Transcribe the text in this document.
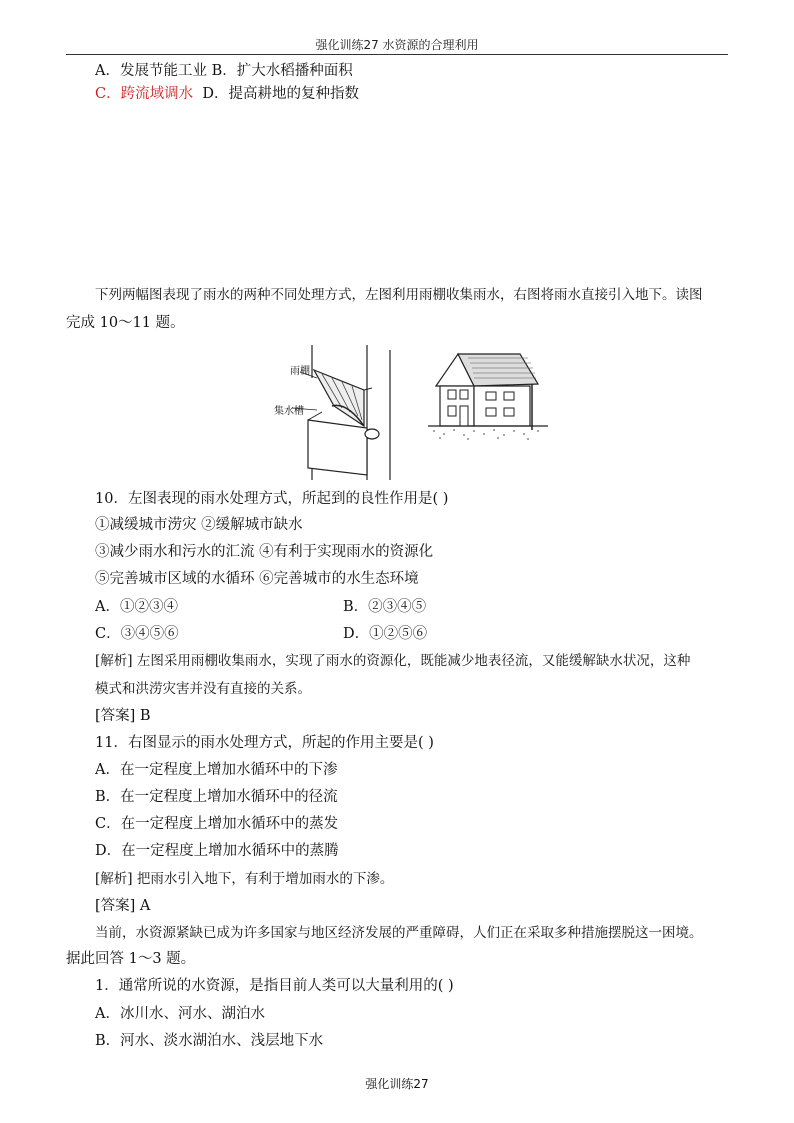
强化训练27 水资源的合理利用
A．发展节能工业 B．扩大水稻播种面积
C．跨流域调水  D．提高耕地的复种指数
下列两幅图表现了雨水的两种不同处理方式，左图利用雨棚收集雨水，右图将雨水直接引入地下。读图
完成 10～11 题。
雨棚
集水槽
10．左图表现的雨水处理方式，所起到的良性作用是( )
①减缓城市涝灾 ②缓解城市缺水
③减少雨水和污水的汇流 ④有利于实现雨水的资源化
⑤完善城市区域的水循环 ⑥完善城市的水生态环境
A．①②③④	B．②③④⑤
C．③④⑤⑥	D．①②⑤⑥
[解析] 左图采用雨棚收集雨水，实现了雨水的资源化，既能减少地表径流，又能缓解缺水状况，这种
模式和洪涝灾害并没有直接的关系。
[答案] B
11．右图显示的雨水处理方式，所起的作用主要是( )
A．在一定程度上增加水循环中的下渗
B．在一定程度上增加水循环中的径流
C．在一定程度上增加水循环中的蒸发
D．在一定程度上增加水循环中的蒸腾
[解析] 把雨水引入地下，有利于增加雨水的下渗。
[答案] A
当前，水资源紧缺已成为许多国家与地区经济发展的严重障碍，人们正在采取多种措施摆脱这一困境。
据此回答 1～3 题。
1．通常所说的水资源，是指目前人类可以大量利用的( )
A．冰川水、河水、湖泊水
B．河水、淡水湖泊水、浅层地下水
强化训练27
